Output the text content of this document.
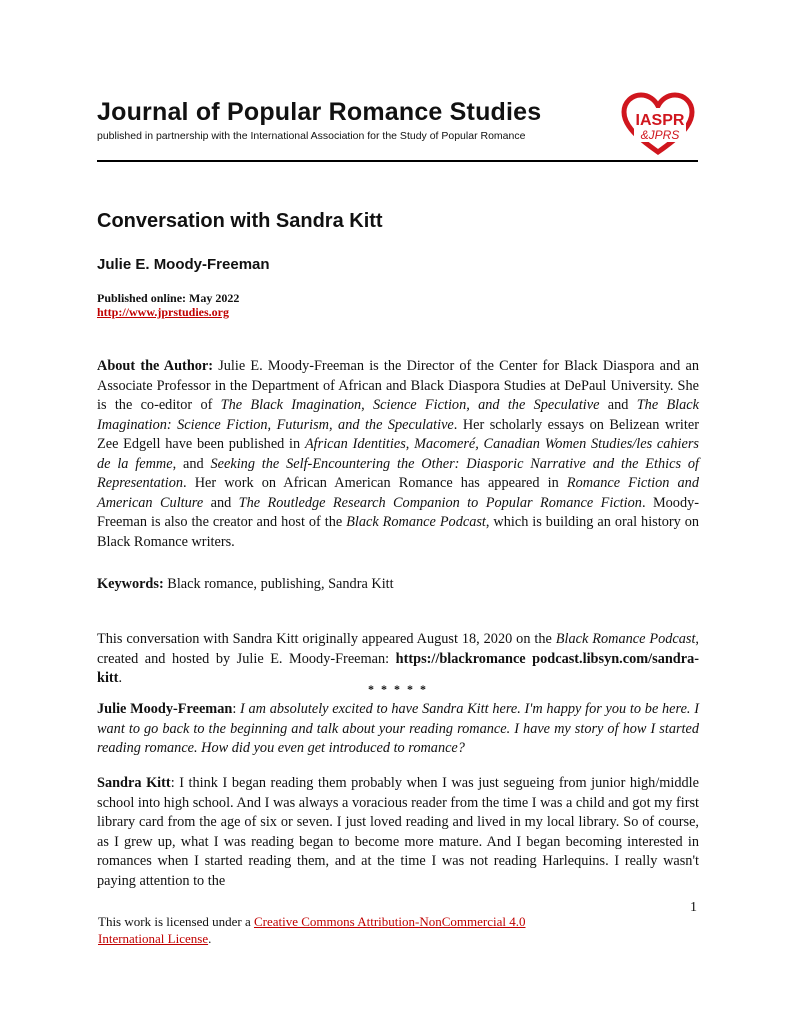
Journal of Popular Romance Studies
published in partnership with the International Association for the Study of Popular Romance
IASPR
&JPRS
Conversation with Sandra Kitt
Julie E. Moody-Freeman
Published online: May 2022
http://www.jprstudies.org
About the Author: Julie E. Moody-Freeman is the Director of the Center for Black Diaspora and an Associate Professor in the Department of African and Black Diaspora Studies at DePaul University. She is the co-editor of The Black Imagination, Science Fiction, and the Speculative and The Black Imagination: Science Fiction, Futurism, and the Speculative. Her scholarly essays on Belizean writer Zee Edgell have been published in African Identities, Macomeré, Canadian Women Studies/les cahiers de la femme, and Seeking the Self-Encountering the Other: Diasporic Narrative and the Ethics of Representation. Her work on African American Romance has appeared in Romance Fiction and American Culture and The Routledge Research Companion to Popular Romance Fiction. Moody-Freeman is also the creator and host of the Black Romance Podcast, which is building an oral history on Black Romance writers.
Keywords: Black romance, publishing, Sandra Kitt
This conversation with Sandra Kitt originally appeared August 18, 2020 on the Black Romance Podcast, created and hosted by Julie E. Moody-Freeman: https://blackromance podcast.libsyn.com/sandra-kitt.
* * * * *
Julie Moody-Freeman: I am absolutely excited to have Sandra Kitt here. I'm happy for you to be here. I want to go back to the beginning and talk about your reading romance. I have my story of how I started reading romance. How did you even get introduced to romance?
Sandra Kitt: I think I began reading them probably when I was just segueing from junior high/middle school into high school. And I was always a voracious reader from the time I was a child and got my first library card from the age of six or seven. I just loved reading and lived in my local library. So of course, as I grew up, what I was reading began to become more mature. And I began becoming interested in romances when I started reading them, and at the time I was not reading Harlequins. I really wasn't paying attention to the
1
This work is licensed under a Creative Commons Attribution-NonCommercial 4.0
International License.
